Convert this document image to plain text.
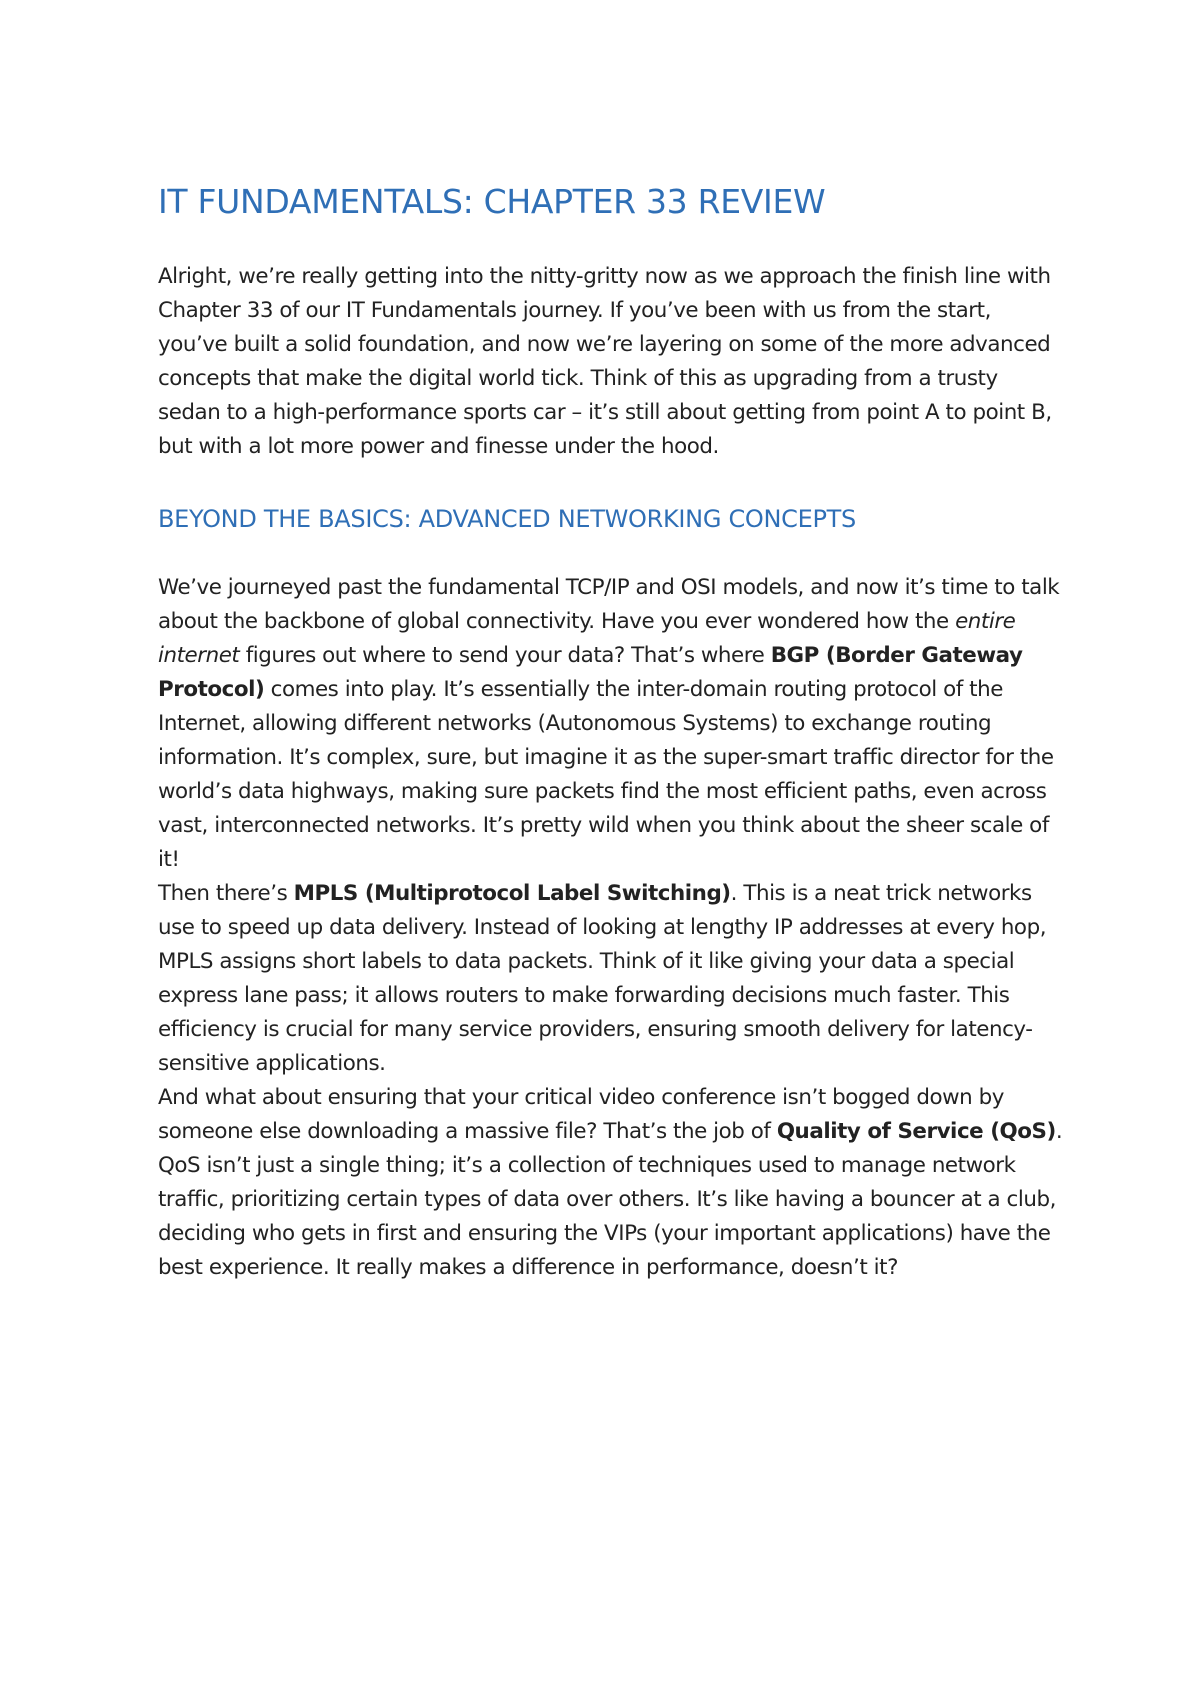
IT FUNDAMENTALS: CHAPTER 33 REVIEW

Alright, we’re really getting into the nitty-gritty now as we approach the finish line with Chapter 33 of our IT Fundamentals journey. If you’ve been with us from the start, you’ve built a solid foundation, and now we’re layering on some of the more advanced concepts that make the digital world tick. Think of this as upgrading from a trusty sedan to a high-performance sports car – it’s still about getting from point A to point B, but with a lot more power and finesse under the hood.

BEYOND THE BASICS: ADVANCED NETWORKING CONCEPTS

We’ve journeyed past the fundamental TCP/IP and OSI models, and now it’s time to talk about the backbone of global connectivity. Have you ever wondered how the entire internet figures out where to send your data? That’s where BGP (Border Gateway Protocol) comes into play. It’s essentially the inter-domain routing protocol of the Internet, allowing different networks (Autonomous Systems) to exchange routing information. It’s complex, sure, but imagine it as the super-smart traffic director for the world’s data highways, making sure packets find the most efficient paths, even across vast, interconnected networks. It’s pretty wild when you think about the sheer scale of it!

Then there’s MPLS (Multiprotocol Label Switching). This is a neat trick networks use to speed up data delivery. Instead of looking at lengthy IP addresses at every hop, MPLS assigns short labels to data packets. Think of it like giving your data a special express lane pass; it allows routers to make forwarding decisions much faster. This efficiency is crucial for many service providers, ensuring smooth delivery for latency-sensitive applications.

And what about ensuring that your critical video conference isn’t bogged down by someone else downloading a massive file? That’s the job of Quality of Service (QoS). QoS isn’t just a single thing; it’s a collection of techniques used to manage network traffic, prioritizing certain types of data over others. It’s like having a bouncer at a club, deciding who gets in first and ensuring the VIPs (your important applications) have the best experience. It really makes a difference in performance, doesn’t it?
